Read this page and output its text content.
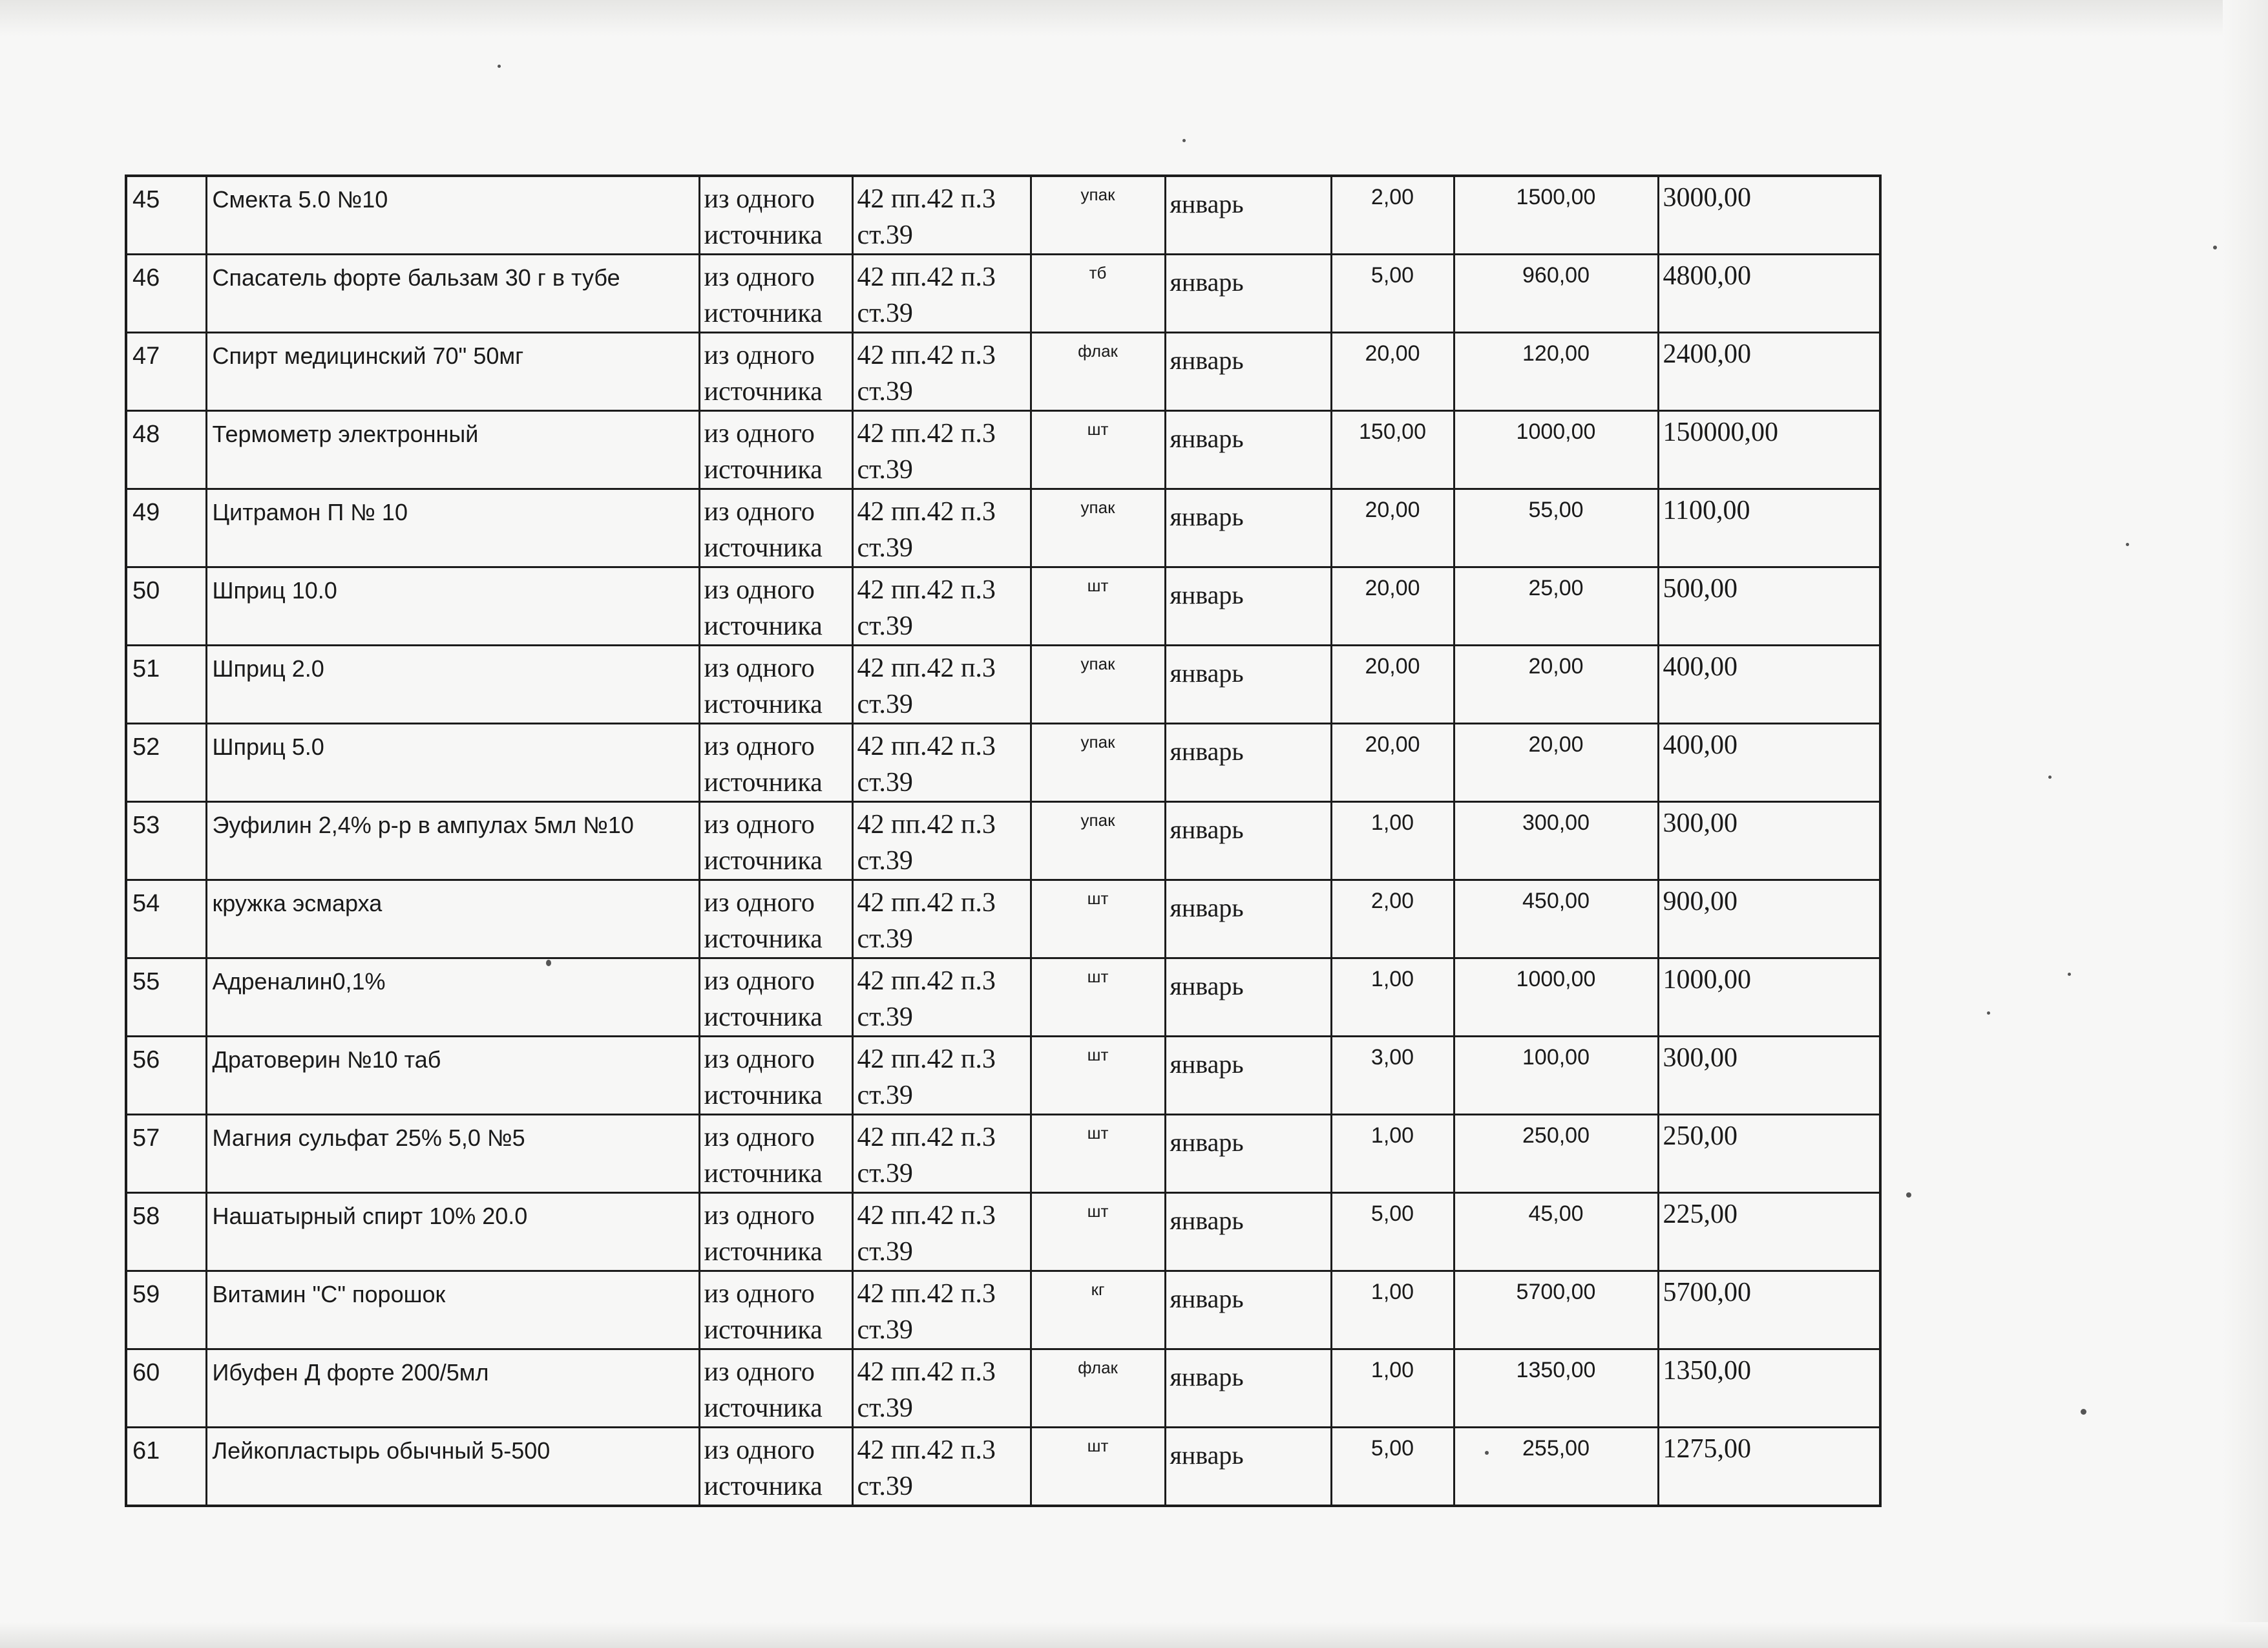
45	Смекта 5.0 №10	из одного
источника	42 пп.42 п.3
ст.39	упак	январь	2,00	1500,00	3000,00
46	Спасатель форте бальзам 30 г в тубе	из одного
источника	42 пп.42 п.3
ст.39	тб	январь	5,00	960,00	4800,00
47	Спирт медицинский 70" 50мг	из одного
источника	42 пп.42 п.3
ст.39	флак	январь	20,00	120,00	2400,00
48	Термометр электронный	из одного
источника	42 пп.42 п.3
ст.39	шт	январь	150,00	1000,00	150000,00
49	Цитрамон П № 10	из одного
источника	42 пп.42 п.3
ст.39	упак	январь	20,00	55,00	1100,00
50	Шприц 10.0	из одного
источника	42 пп.42 п.3
ст.39	шт	январь	20,00	25,00	500,00
51	Шприц 2.0	из одного
источника	42 пп.42 п.3
ст.39	упак	январь	20,00	20,00	400,00
52	Шприц 5.0	из одного
источника	42 пп.42 п.3
ст.39	упак	январь	20,00	20,00	400,00
53	Эуфилин 2,4% р-р в ампулах 5мл №10	из одного
источника	42 пп.42 п.3
ст.39	упак	январь	1,00	300,00	300,00
54	кружка эсмарха	из одного
источника	42 пп.42 п.3
ст.39	шт	январь	2,00	450,00	900,00
55	Адреналин0,1%	из одного
источника	42 пп.42 п.3
ст.39	шт	январь	1,00	1000,00	1000,00
56	Дратоверин №10 таб	из одного
источника	42 пп.42 п.3
ст.39	шт	январь	3,00	100,00	300,00
57	Магния сульфат 25% 5,0 №5	из одного
источника	42 пп.42 п.3
ст.39	шт	январь	1,00	250,00	250,00
58	Нашатырный спирт 10% 20.0	из одного
источника	42 пп.42 п.3
ст.39	шт	январь	5,00	45,00	225,00
59	Витамин "С" порошок	из одного
источника	42 пп.42 п.3
ст.39	кг	январь	1,00	5700,00	5700,00
60	Ибуфен Д форте 200/5мл	из одного
источника	42 пп.42 п.3
ст.39	флак	январь	1,00	1350,00	1350,00
61	Лейкопластырь обычный 5-500	из одного
источника	42 пп.42 п.3
ст.39	шт	январь	5,00	255,00	1275,00
